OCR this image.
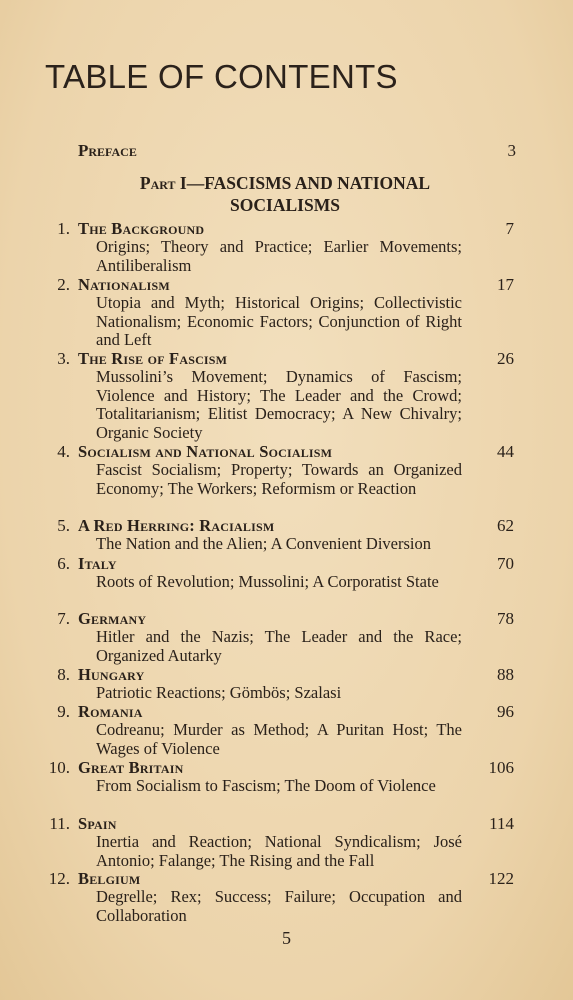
TABLE OF CONTENTS
Preface	3
Part I—FASCISMS AND NATIONAL
SOCIALISMS
1. The Background	7
Origins; Theory and Practice; Earlier Movements; Antiliberalism
2. Nationalism	17
Utopia and Myth; Historical Origins; Collectivistic Nationalism; Economic Factors; Conjunction of Right and Left
3. The Rise of Fascism	26
Mussolini’s Movement; Dynamics of Fascism; Violence and History; The Leader and the Crowd; Totalitarianism; Elitist Democracy; A New Chivalry; Organic Society
4. Socialism and National Socialism	44
Fascist Socialism; Property; Towards an Organized Economy; The Workers; Reformism or Reaction
5. A Red Herring: Racialism	62
The Nation and the Alien; A Convenient Diversion
6. Italy	70
Roots of Revolution; Mussolini; A Corporatist State
7. Germany	78
Hitler and the Nazis; The Leader and the Race; Organized Autarky
8. Hungary	88
Patriotic Reactions; Gömbös; Szalasi
9. Romania	96
Codreanu; Murder as Method; A Puritan Host; The Wages of Violence
10. Great Britain	106
From Socialism to Fascism; The Doom of Violence
11. Spain	114
Inertia and Reaction; National Syndicalism; José Antonio; Falange; The Rising and the Fall
12. Belgium	122
Degrelle; Rex; Success; Failure; Occupation and Collaboration
5
